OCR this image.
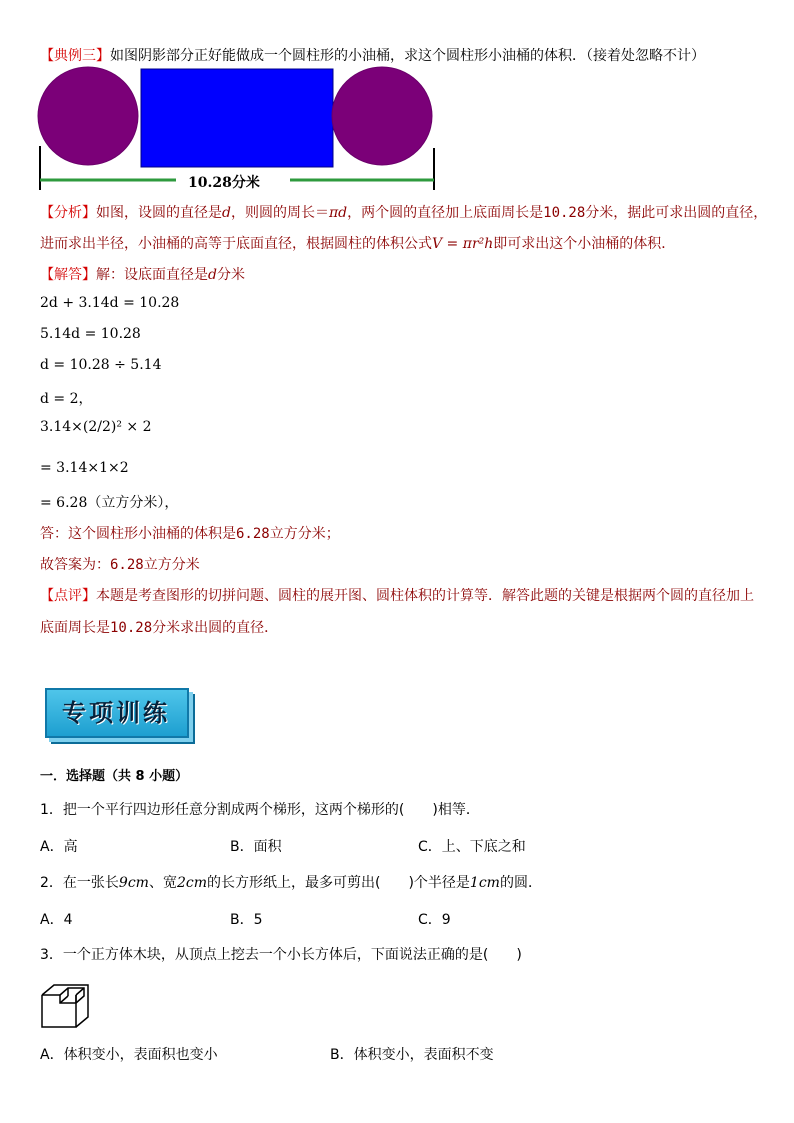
【典例三】如图阴影部分正好能做成一个圆柱形的小油桶，求这个圆柱形小油桶的体积．（接着处忽略不计）
10.28分米
【分析】如图，设圆的直径是d，则圆的周长＝πd，两个圆的直径加上底面周长是10.28分米，据此可求出圆的直径，
进而求出半径，小油桶的高等于底面直径，根据圆柱的体积公式V = πr²h即可求出这个小油桶的体积．
【解答】解：设底面直径是d分米
2d + 3.14d = 10.28
5.14d = 10.28
d = 10.28 ÷ 5.14
d = 2，
3.14×(2/2)² × 2
= 3.14×1×2
= 6.28（立方分米），
答：这个圆柱形小油桶的体积是6.28立方分米；
故答案为：6.28立方分米
【点评】本题是考查图形的切拼问题、圆柱的展开图、圆柱体积的计算等．解答此题的关键是根据两个圆的直径加上
底面周长是10.28分米求出圆的直径．
专项训练
一．选择题（共 8 小题）
1．把一个平行四边形任意分割成两个梯形，这两个梯形的(　　)相等．
A．高	B．面积	C．上、下底之和
2．在一张长9cm、宽2cm的长方形纸上，最多可剪出(　　)个半径是1cm的圆．
A．4	B．5	C．9
3．一个正方体木块，从顶点上挖去一个小长方体后，下面说法正确的是(　　)
A．体积变小，表面积也变小	B．体积变小，表面积不变
